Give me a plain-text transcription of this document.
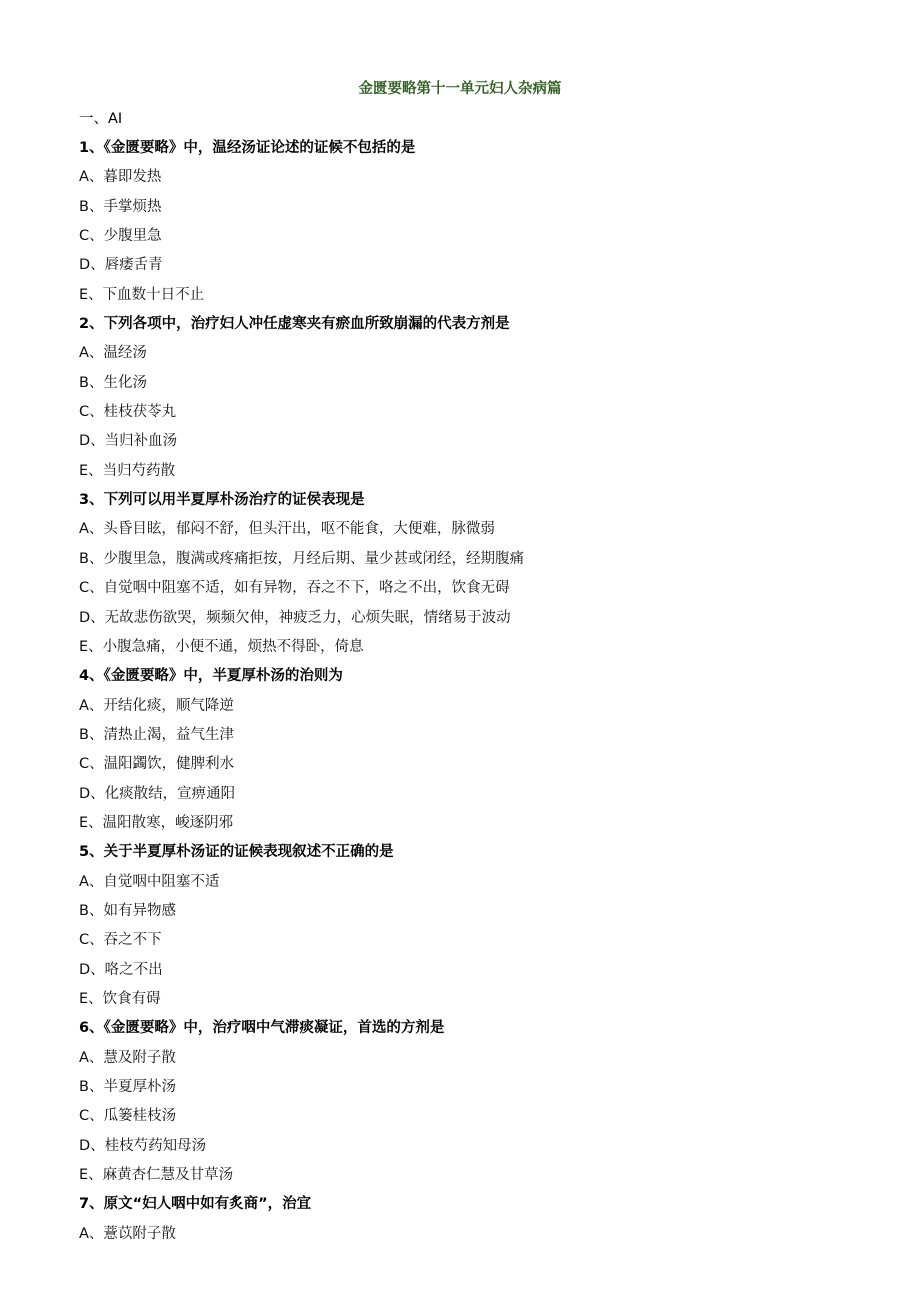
金匮要略第十一单元妇人杂病篇
一、AI
1、《金匮要略》中，温经汤证论述的证候不包括的是
A、暮即发热
B、手掌烦热
C、少腹里急
D、唇痿舌青
E、下血数十日不止
2、下列各项中，治疗妇人冲任虚寒夹有瘀血所致崩漏的代表方剂是
A、温经汤
B、生化汤
C、桂枝茯苓丸
D、当归补血汤
E、当归芍药散
3、下列可以用半夏厚朴汤治疗的证侯表现是
A、头昏目眩，郁闷不舒，但头汗出，呕不能食，大便难，脉微弱
B、少腹里急，腹满或疼痛拒按，月经后期、量少甚或闭经，经期腹痛
C、自觉咽中阻塞不适，如有异物，吞之不下，咯之不出，饮食无碍
D、无故悲伤欲哭，频频欠伸，神疲乏力，心烦失眠，情绪易于波动
E、小腹急痛，小便不通，烦热不得卧，倚息
4、《金匮要略》中，半夏厚朴汤的治则为
A、开结化痰，顺气降逆
B、清热止渴，益气生津
C、温阳蠲饮，健脾利水
D、化痰散结，宣痹通阳
E、温阳散寒，峻逐阴邪
5、关于半夏厚朴汤证的证候表现叙述不正确的是
A、自觉咽中阻塞不适
B、如有异物感
C、吞之不下
D、咯之不出
E、饮食有碍
6、《金匮要略》中，治疗咽中气滞痰凝证，首选的方剂是
A、慧及附子散
B、半夏厚朴汤
C、瓜篓桂枝汤
D、桂枝芍药知母汤
E、麻黄杏仁慧及甘草汤
7、原文“妇人咽中如有炙商”，治宜
A、薏苡附子散
